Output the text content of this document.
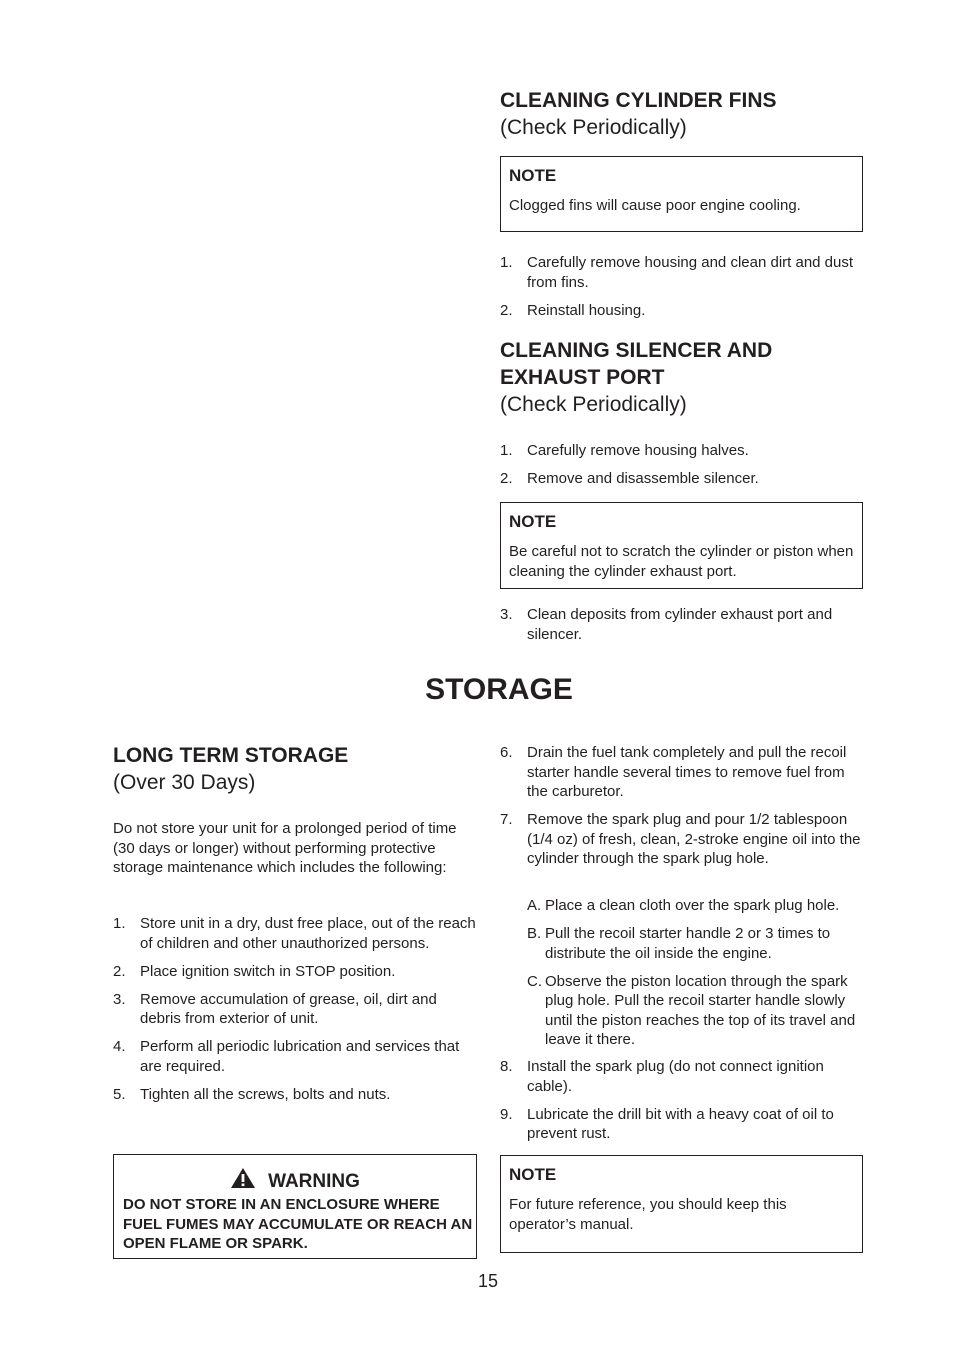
CLEANING CYLINDER FINS

(Check Periodically)

NOTE

Clogged fins will cause poor engine cooling.

1. Carefully remove housing and clean dirt and dust from fins.
2. Reinstall housing.

CLEANING SILENCER AND

EXHAUST PORT

(Check Periodically)

1. Carefully remove housing halves.
2. Remove and disassemble silencer.

NOTE

Be careful not to scratch the cylinder or piston when cleaning the cylinder exhaust port.

3. Clean deposits from cylinder exhaust port and silencer.

STORAGE

LONG TERM STORAGE

(Over 30 Days)

Do not store your unit for a prolonged period of time (30 days or longer) without performing protective storage maintenance which includes the following:

1. Store unit in a dry, dust free place, out of the reach of children and other unauthorized persons.
2. Place ignition switch in STOP position.
3. Remove accumulation of grease, oil, dirt and debris from exterior of unit.
4. Perform all periodic lubrication and services that are required.
5. Tighten all the screws, bolts and nuts.
WARNING

DO NOT STORE IN AN ENCLOSURE WHERE FUEL FUMES MAY ACCUMULATE OR REACH AN OPEN FLAME OR SPARK.

6. Drain the fuel tank completely and pull the recoil starter handle several times to remove fuel from the carburetor.
7. Remove the spark plug and pour 1/2 tablespoon (1/4 oz) of fresh, clean, 2-stroke engine oil into the cylinder through the spark plug hole.
A. Place a clean cloth over the spark plug hole.
B. Pull the recoil starter handle 2 or 3 times to distribute the oil inside the engine.
C. Observe the piston location through the spark plug hole. Pull the recoil starter handle slowly until the piston reaches the top of its travel and leave it there.
8. Install the spark plug (do not connect ignition cable).
9. Lubricate the drill bit with a heavy coat of oil to prevent rust.

NOTE

For future reference, you should keep this operator’s manual.

15
